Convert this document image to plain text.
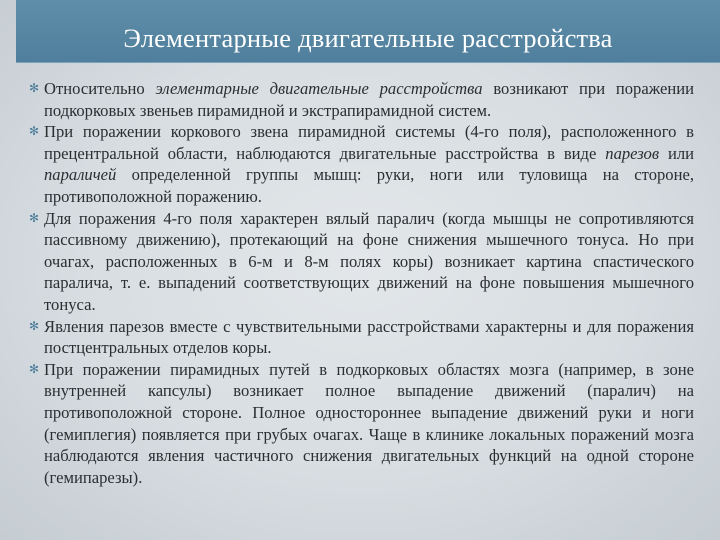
Элементарные двигательные расстройства
✻ Относительно элементарные двигательные расстройства возникают при поражении подкорковых звеньев пирамидной и экстрапирамидной систем.
✻ При поражении коркового звена пирамидной системы (4-го поля), расположенного в прецентральной области, наблюдаются двигательные расстройства в виде парезов или параличей определенной группы мышц: руки, ноги или туловища на стороне, противоположной поражению.
✻ Для поражения 4-го поля характерен вялый паралич (когда мышцы не сопротивляются пассивному движению), протекающий на фоне снижения мышечного тонуса. Но при очагах, расположенных в 6-м и 8-м полях коры) возникает картина спастического паралича, т. е. выпадений соответствующих движений на фоне повышения мышечного тонуса.
✻ Явления парезов вместе с чувствительными расстройствами характерны и для поражения постцентральных отделов коры.
✻ При поражении пирамидных путей в подкорковых областях мозга (например, в зоне внутренней капсулы) возникает полное выпадение движений (паралич) на противоположной стороне. Полное одностороннее выпадение движений руки и ноги (гемиплегия) появляется при грубых очагах. Чаще в клинике локальных поражений мозга наблюдаются явления частичного снижения двигательных функций на одной стороне (гемипарезы).
